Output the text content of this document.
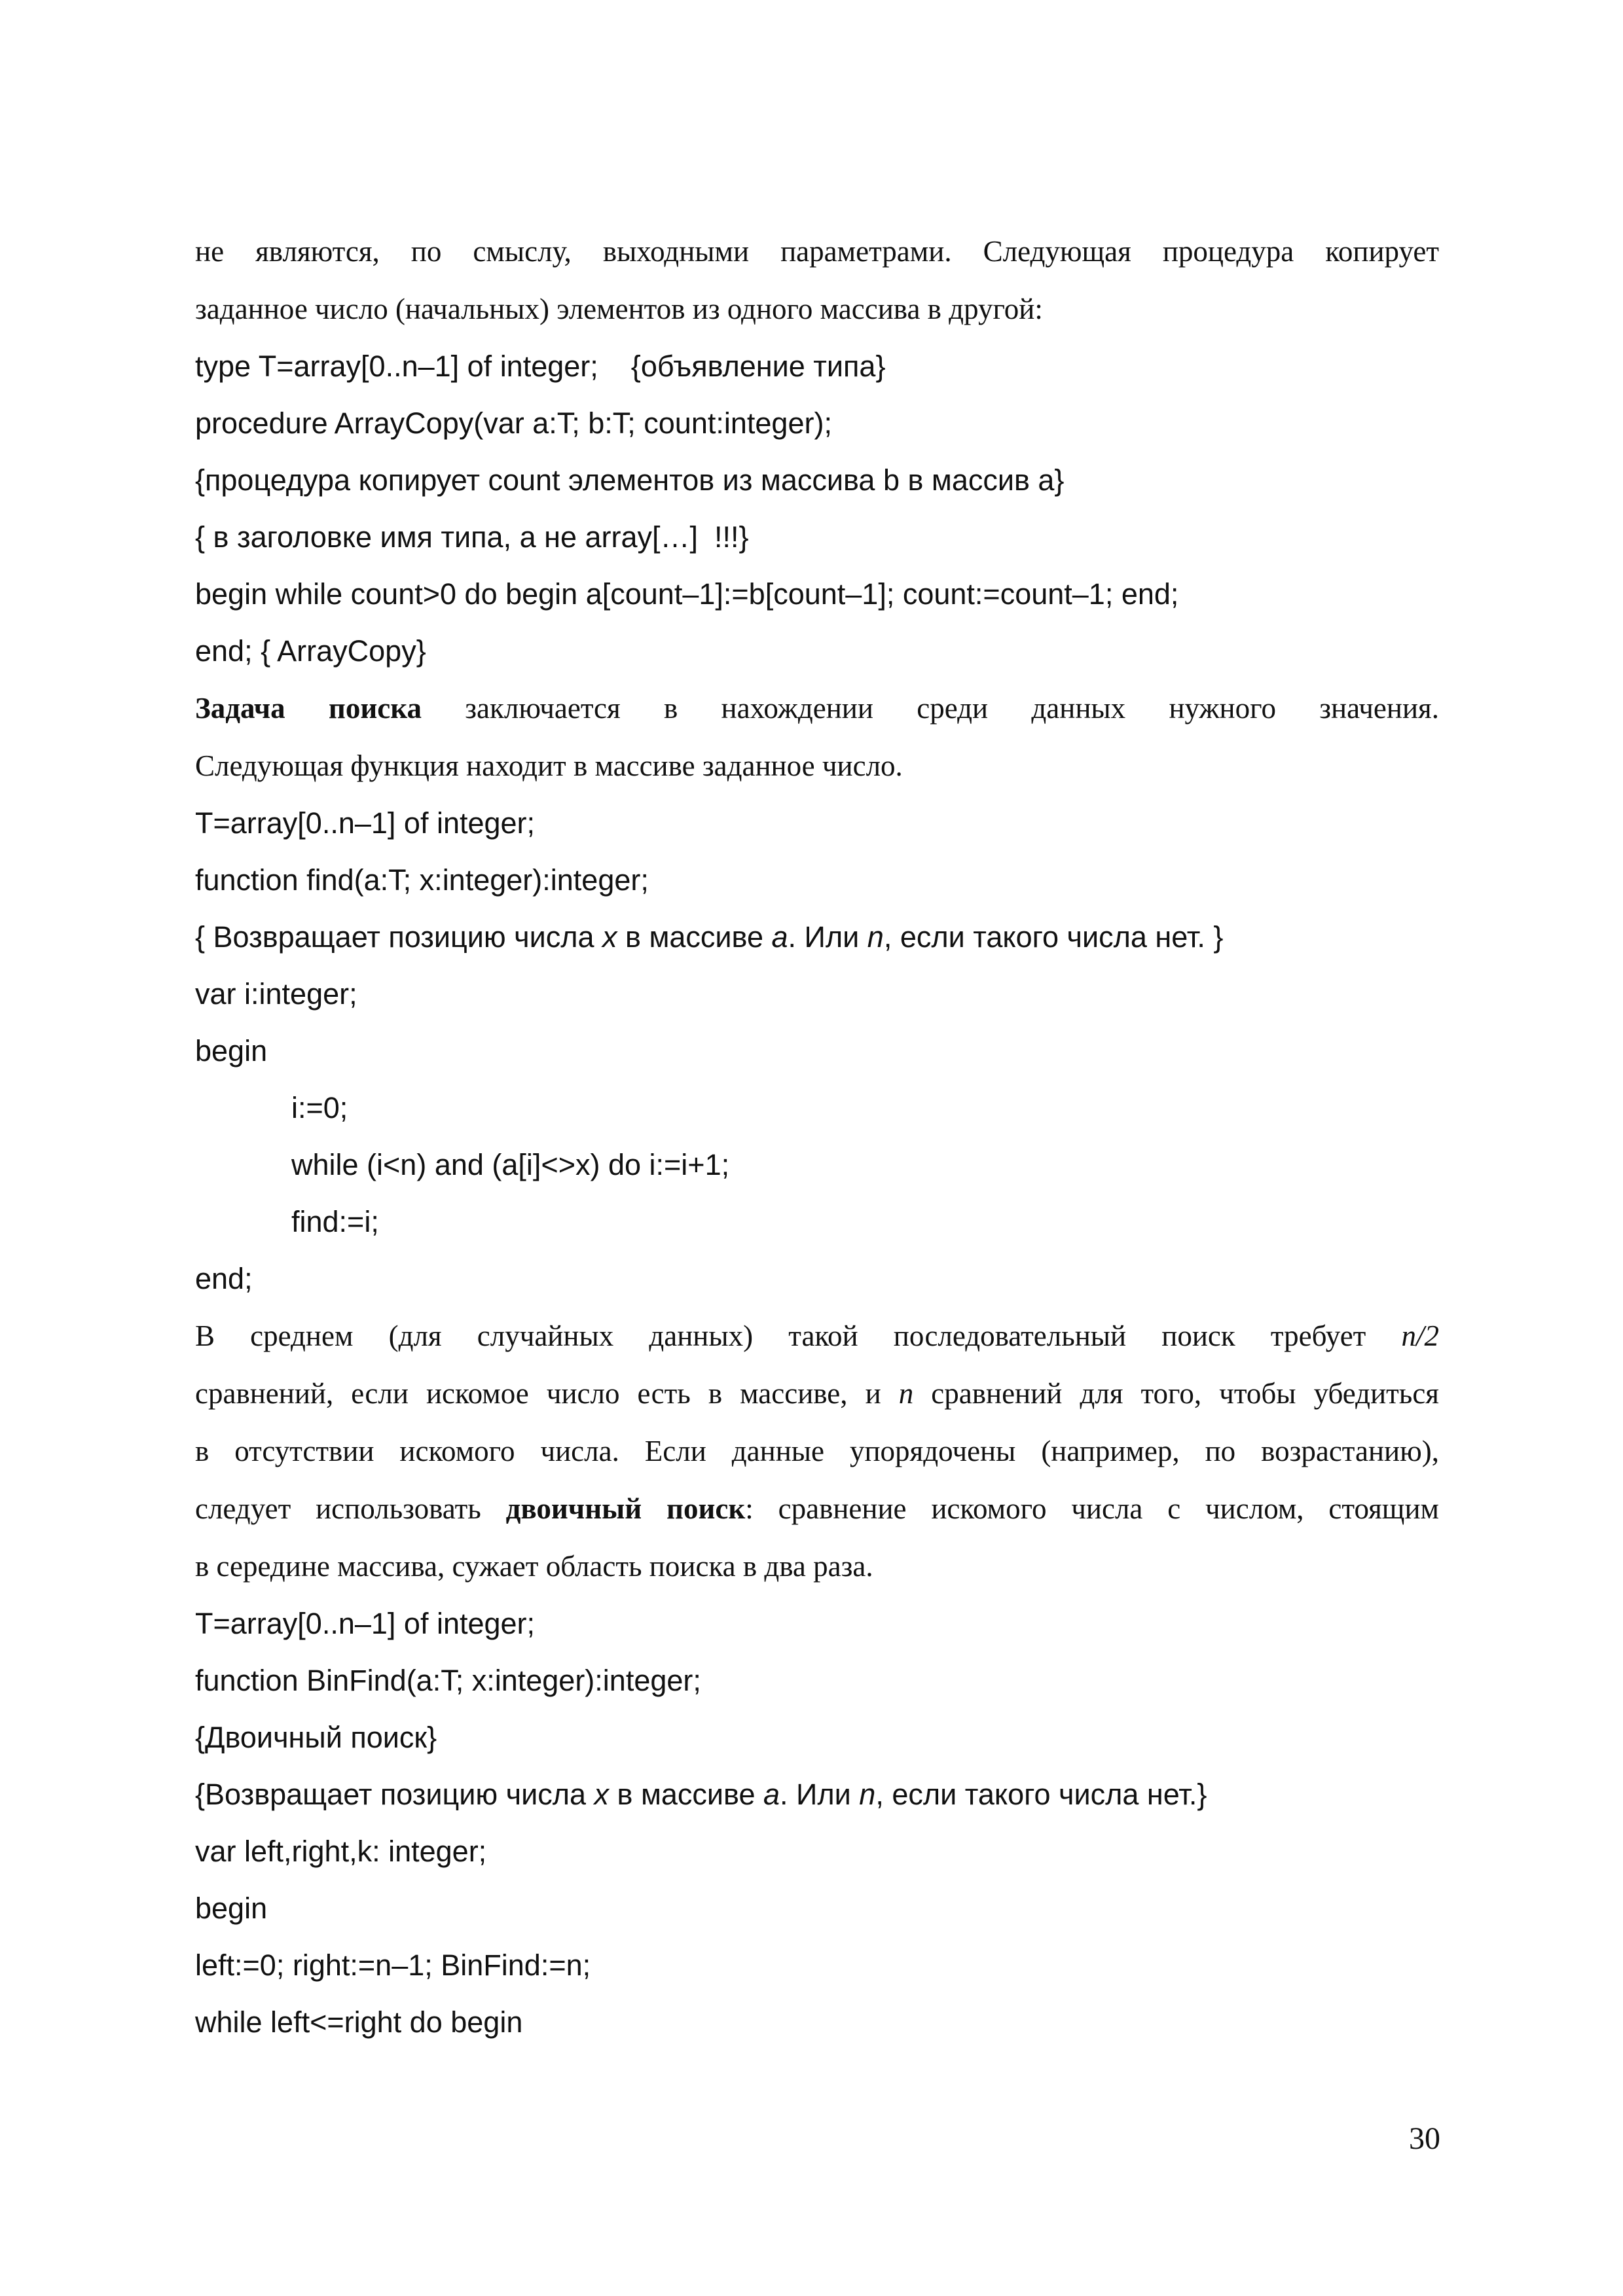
не являются, по смыслу, выходными параметрами. Следующая процедура копирует
заданное число (начальных) элементов из одного массива в другой:
type T=array[0..n–1] of integer;    {объявление типа}
procedure ArrayCopy(var a:T; b:T; count:integer);
{процедура копирует count элементов из массива b в массив a}
{ в заголовке имя типа, а не array[…]  !!!}
begin while count>0 do begin a[count–1]:=b[count–1]; count:=count–1; end;
end; { ArrayCopy}
Задача поиска заключается в нахождении среди данных нужного значения.
Следующая функция находит в массиве заданное число.
T=array[0..n–1] of integer;
function find(a:T; x:integer):integer;
{ Возвращает позицию числа x в массиве a. Или n, если такого числа нет. }
var i:integer;
begin
i:=0;
while (i<n) and (a[i]<>x) do i:=i+1;
find:=i;
end;
В среднем (для случайных данных) такой последовательный поиск требует n/2
сравнений, если искомое число есть в массиве, и n сравнений для того, чтобы убедиться
в отсутствии искомого числа. Если данные упорядочены (например, по возрастанию),
следует использовать двоичный поиск: сравнение искомого числа с числом, стоящим
в середине массива, сужает область поиска в два раза.
T=array[0..n–1] of integer;
function BinFind(a:T; x:integer):integer;
{Двоичный поиск}
{Возвращает позицию числа x в массиве a. Или n, если такого числа нет.}
var left,right,k: integer;
begin
left:=0; right:=n–1; BinFind:=n;
while left<=right do begin
30
